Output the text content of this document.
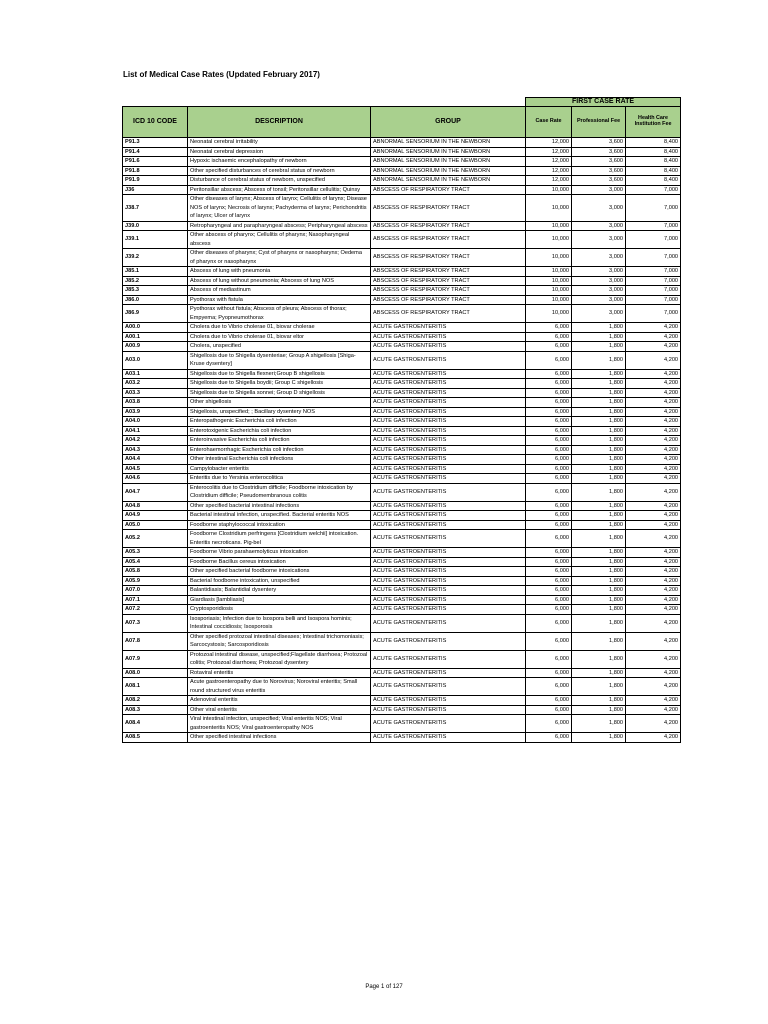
List of Medical Case Rates (Updated February 2017)
			FIRST CASE RATE		
ICD 10 CODE	DESCRIPTION	GROUP	Case Rate	Professional Fee	Health Care Institution Fee
P91.3	Neonatal cerebral irritability	ABNORMAL SENSORIUM IN THE NEWBORN	12,000	3,600	8,400
P91.4	Neonatal cerebral depression	ABNORMAL SENSORIUM IN THE NEWBORN	12,000	3,600	8,400
P91.6	Hypoxic ischaemic encephalopathy of newborn	ABNORMAL SENSORIUM IN THE NEWBORN	12,000	3,600	8,400
P91.8	Other specified disturbances of cerebral status of newborn	ABNORMAL SENSORIUM IN THE NEWBORN	12,000	3,600	8,400
P91.9	Disturbance of cerebral status of newborn, unspecified	ABNORMAL SENSORIUM IN THE NEWBORN	12,000	3,600	8,400
J36	Peritonsillar abscess; Abscess of tonsil; Peritonsillar cellulitis; Quinsy	ABSCESS OF RESPIRATORY TRACT	10,000	3,000	7,000
J38.7	Other diseases of larynx; Abscess of larynx; Cellulitis of larynx; Disease NOS of larynx; Necrosis of larynx; Pachyderma of larynx; Perichondritis of larynx; Ulcer of larynx	ABSCESS OF RESPIRATORY TRACT	10,000	3,000	7,000
J39.0	Retropharyngeal and parapharyngeal abscess; Peripharyngeal abscess	ABSCESS OF RESPIRATORY TRACT	10,000	3,000	7,000
J39.1	Other abscess of pharynx; Cellulitis of pharynx; Nasopharyngeal abscess	ABSCESS OF RESPIRATORY TRACT	10,000	3,000	7,000
J39.2	Other diseases of pharynx; Cyst of pharynx or nasopharynx; Oedema of pharynx or nasopharynx	ABSCESS OF RESPIRATORY TRACT	10,000	3,000	7,000
J85.1	Abscess of lung with pneumonia	ABSCESS OF RESPIRATORY TRACT	10,000	3,000	7,000
J85.2	Abscess of lung without pneumonia; Abscess of lung NOS	ABSCESS OF RESPIRATORY TRACT	10,000	3,000	7,000
J85.3	Abscess of mediastinum	ABSCESS OF RESPIRATORY TRACT	10,000	3,000	7,000
J86.0	Pyothorax with fistula	ABSCESS OF RESPIRATORY TRACT	10,000	3,000	7,000
J86.9	Pyothorax without fistula; Abscess of pleura; Abscess of thorax; Empyema; Pyopneumothorax	ABSCESS OF RESPIRATORY TRACT	10,000	3,000	7,000
A00.0	Cholera due to Vibrio cholerae 01, biovar cholerae	ACUTE GASTROENTERITIS	6,000	1,800	4,200
A00.1	Cholera due to Vibrio cholerae 01, biovar eltor	ACUTE GASTROENTERITIS	6,000	1,800	4,200
A00.9	Cholera, unspecified	ACUTE GASTROENTERITIS	6,000	1,800	4,200
A03.0	Shigellosis due to Shigella dysenteriae; Group A shigellosis [Shiga-Kruse dysentery]	ACUTE GASTROENTERITIS	6,000	1,800	4,200
A03.1	Shigellosis due to Shigella flexneri;Group B shigellosis	ACUTE GASTROENTERITIS	6,000	1,800	4,200
A03.2	Shigellosis due to Shigella boydii; Group C shigellosis	ACUTE GASTROENTERITIS	6,000	1,800	4,200
A03.3	Shigellosis due to Shigella sonnei; Group D shigellosis	ACUTE GASTROENTERITIS	6,000	1,800	4,200
A03.8	Other shigellosis	ACUTE GASTROENTERITIS	6,000	1,800	4,200
A03.9	Shigellosis, unspecified; ; Bacillary dysentery NOS	ACUTE GASTROENTERITIS	6,000	1,800	4,200
A04.0	Enteropathogenic Escherichia coli infection	ACUTE GASTROENTERITIS	6,000	1,800	4,200
A04.1	Enterotoxigenic Escherichia coli infection	ACUTE GASTROENTERITIS	6,000	1,800	4,200
A04.2	Enteroinvasive Escherichia coli infection	ACUTE GASTROENTERITIS	6,000	1,800	4,200
A04.3	Enterohaemorrhagic Escherichia coli infection	ACUTE GASTROENTERITIS	6,000	1,800	4,200
A04.4	Other intestinal Escherichia coli infections	ACUTE GASTROENTERITIS	6,000	1,800	4,200
A04.5	Campylobacter enteritis	ACUTE GASTROENTERITIS	6,000	1,800	4,200
A04.6	Enteritis due to Yersinia enterocolitica	ACUTE GASTROENTERITIS	6,000	1,800	4,200
A04.7	Enterocolitis due to Clostridium difficile; Foodborne intoxication by Clostridium difficile; Pseudomembranous colitis	ACUTE GASTROENTERITIS	6,000	1,800	4,200
A04.8	Other specified bacterial intestinal infections	ACUTE GASTROENTERITIS	6,000	1,800	4,200
A04.9	Bacterial intestinal infection, unspecified. Bacterial enteritis NOS	ACUTE GASTROENTERITIS	6,000	1,800	4,200
A05.0	Foodborne staphylococcal intoxication	ACUTE GASTROENTERITIS	6,000	1,800	4,200
A05.2	Foodborne Clostridium perfringens [Clostridium welchii] intoxication. Enteritis necroticans. Pig-bel	ACUTE GASTROENTERITIS	6,000	1,800	4,200
A05.3	Foodborne Vibrio parahaemolyticus intoxication	ACUTE GASTROENTERITIS	6,000	1,800	4,200
A05.4	Foodborne Bacillus cereus intoxication	ACUTE GASTROENTERITIS	6,000	1,800	4,200
A05.8	Other specified bacterial foodborne intoxications	ACUTE GASTROENTERITIS	6,000	1,800	4,200
A05.9	Bacterial foodborne intoxication, unspecified	ACUTE GASTROENTERITIS	6,000	1,800	4,200
A07.0	Balantidiasis; Balantidial dysentery	ACUTE GASTROENTERITIS	6,000	1,800	4,200
A07.1	Giardiasis [lambliasis]	ACUTE GASTROENTERITIS	6,000	1,800	4,200
A07.2	Cryptosporidiosis	ACUTE GASTROENTERITIS	6,000	1,800	4,200
A07.3	Isosporiasis; Infection due to Isospora belli and Isospora hominis; Intestinal coccidiosis; Isosporosis	ACUTE GASTROENTERITIS	6,000	1,800	4,200
A07.8	Other specified protozoal intestinal diseases; Intestinal trichomoniasis; Sarcocystosis; Sarcosporidiosis	ACUTE GASTROENTERITIS	6,000	1,800	4,200
A07.9	Protozoal intestinal disease, unspecified;Flagellate diarrhoea; Protozoal colitis; Protozoal diarrhoea; Protozoal dysentery	ACUTE GASTROENTERITIS	6,000	1,800	4,200
A08.0	Rotaviral enteritis	ACUTE GASTROENTERITIS	6,000	1,800	4,200
A08.1	Acute gastroenteropathy due to Norovirus; Noroviral enteritis; Small round structured virus enteritis	ACUTE GASTROENTERITIS	6,000	1,800	4,200
A08.2	Adenoviral enteritis	ACUTE GASTROENTERITIS	6,000	1,800	4,200
A08.3	Other viral enteritis	ACUTE GASTROENTERITIS	6,000	1,800	4,200
A08.4	Viral intestinal infection, unspecified; Viral enteritis NOS; Viral gastroenteritis NOS; Viral gastroenteropathy NOS	ACUTE GASTROENTERITIS	6,000	1,800	4,200
A08.5	Other specified intestinal infections	ACUTE GASTROENTERITIS	6,000	1,800	4,200
Page 1 of 127
